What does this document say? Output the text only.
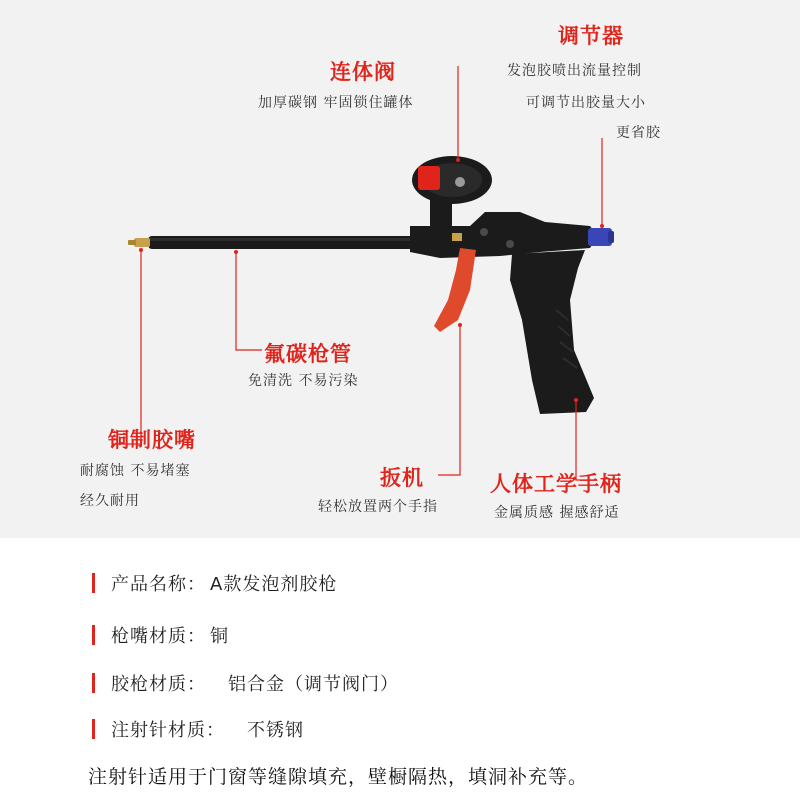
调节器
发泡胶喷出流量控制
可调节出胶量大小
更省胶
连体阀
加厚碳钢 牢固锁住罐体
氟碳枪管
免清洗 不易污染
铜制胶嘴
耐腐蚀 不易堵塞
经久耐用
扳机
轻松放置两个手指
人体工学手柄
金属质感 握感舒适
产品名称： A款发泡剂胶枪
枪嘴材质： 铜
胶枪材质： 铝合金（调节阀门）
注射针材质： 不锈钢
注射针适用于门窗等缝隙填充，壁橱隔热，填洞补充等。
